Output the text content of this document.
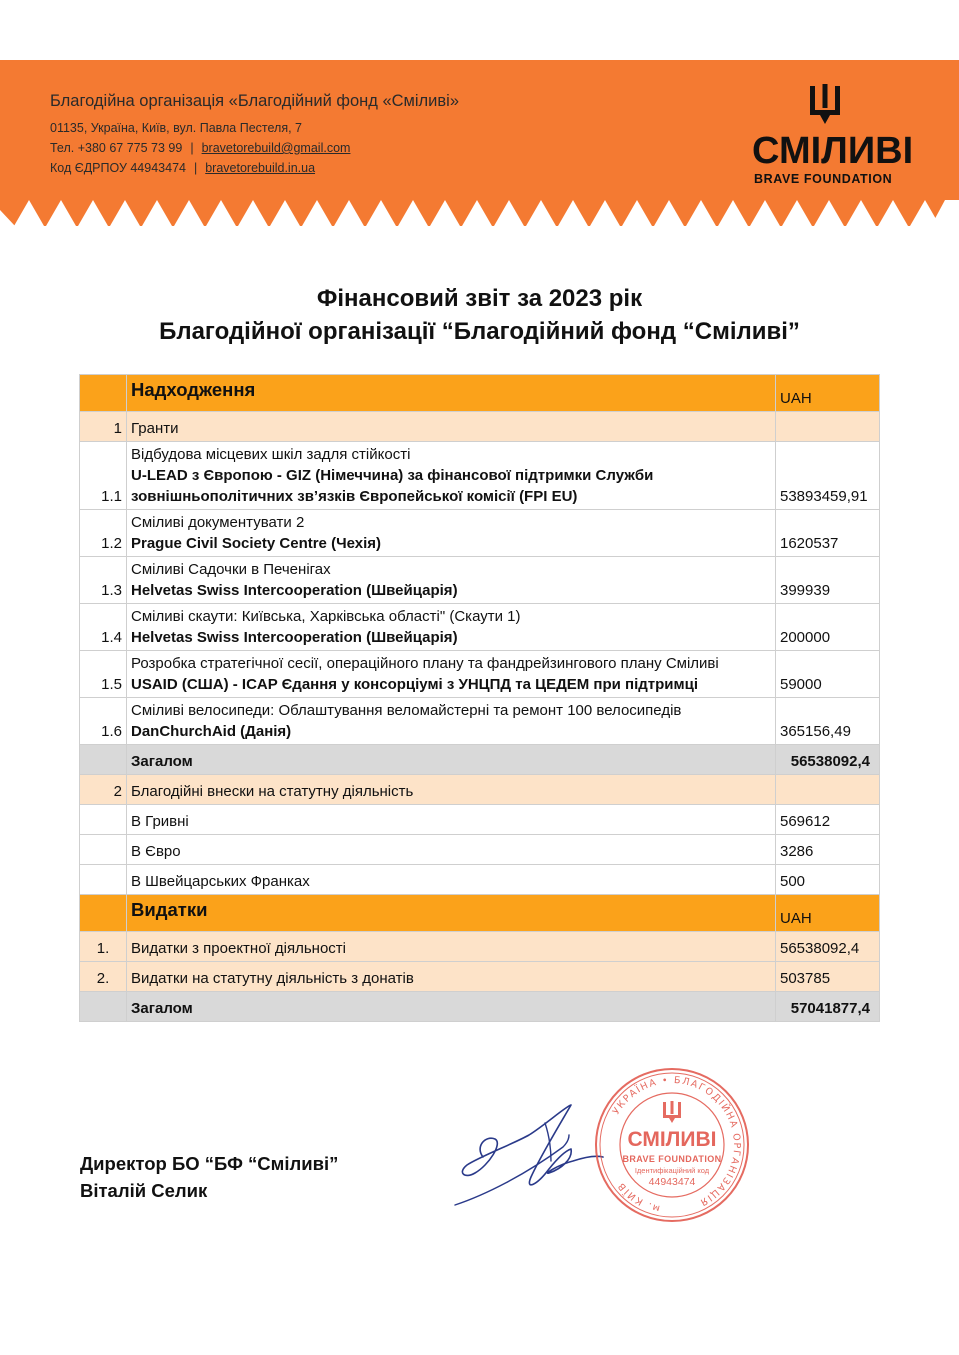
Благодійна організація «Благодійний фонд «Сміливі»
01135, Україна, Київ, вул. Павла Пестеля, 7
Тел. +380 67 775 73 99 | bravetorebuild@gmail.com
Код ЄДРПОУ 44943474 | bravetorebuild.in.ua	СМІЛИВІ
BRAVE FOUNDATION
Фінансовий звіт за 2023 рік
Благодійної організації “Благодійний фонд “Сміливі”
	Надходження	UAH
1	Гранти	
1.1	Відбудова місцевих шкіл задля стійкості
U-LEAD з Європою - GIZ (Німеччина) за фінансової підтримки Служби зовнішньополітичних зв’язків Європейської комісії (FPI EU)	53893459,91
1.2	Сміливі документувати 2
Prague Civil Society Centre (Чехія)	1620537
1.3	Сміливі Садочки в Печенігах
Helvetas Swiss Intercooperation (Швейцарія)	399939
1.4	Сміливі скаути: Київська, Харківська області" (Скаути 1)
Helvetas Swiss Intercooperation (Швейцарія)	200000
1.5	Розробка стратегічної сесії, операційного плану та фандрейзингового плану Сміливі
USAID (США) - ICAP Єдання у консорціумі з УНЦПД та ЦЕДЕМ при підтримці	59000
1.6	Сміливі велосипеди: Облаштування веломайстерні та ремонт 100 велосипедів
DanChurchAid (Данія)	365156,49
	Загалом	56538092,4
2	Благодійні внески на статутну діяльність	
	В Гривні	569612
	В Євро	3286
	В Швейцарських Франках	500
	Видатки	UAH
1.	Видатки з проектної діяльності	56538092,4
2.	Видатки на статутну діяльність з донатів	503785
	Загалом	57041877,4
Директор БО “БФ “Сміливі”
Віталій Селик
УКРАЇНА • БЛАГОДІЙНА ОРГАНІЗАЦІЯ
м. КИЇВ
СМІЛИВІ
BRAVE FOUNDATION
Ідентифікаційний код
44943474
